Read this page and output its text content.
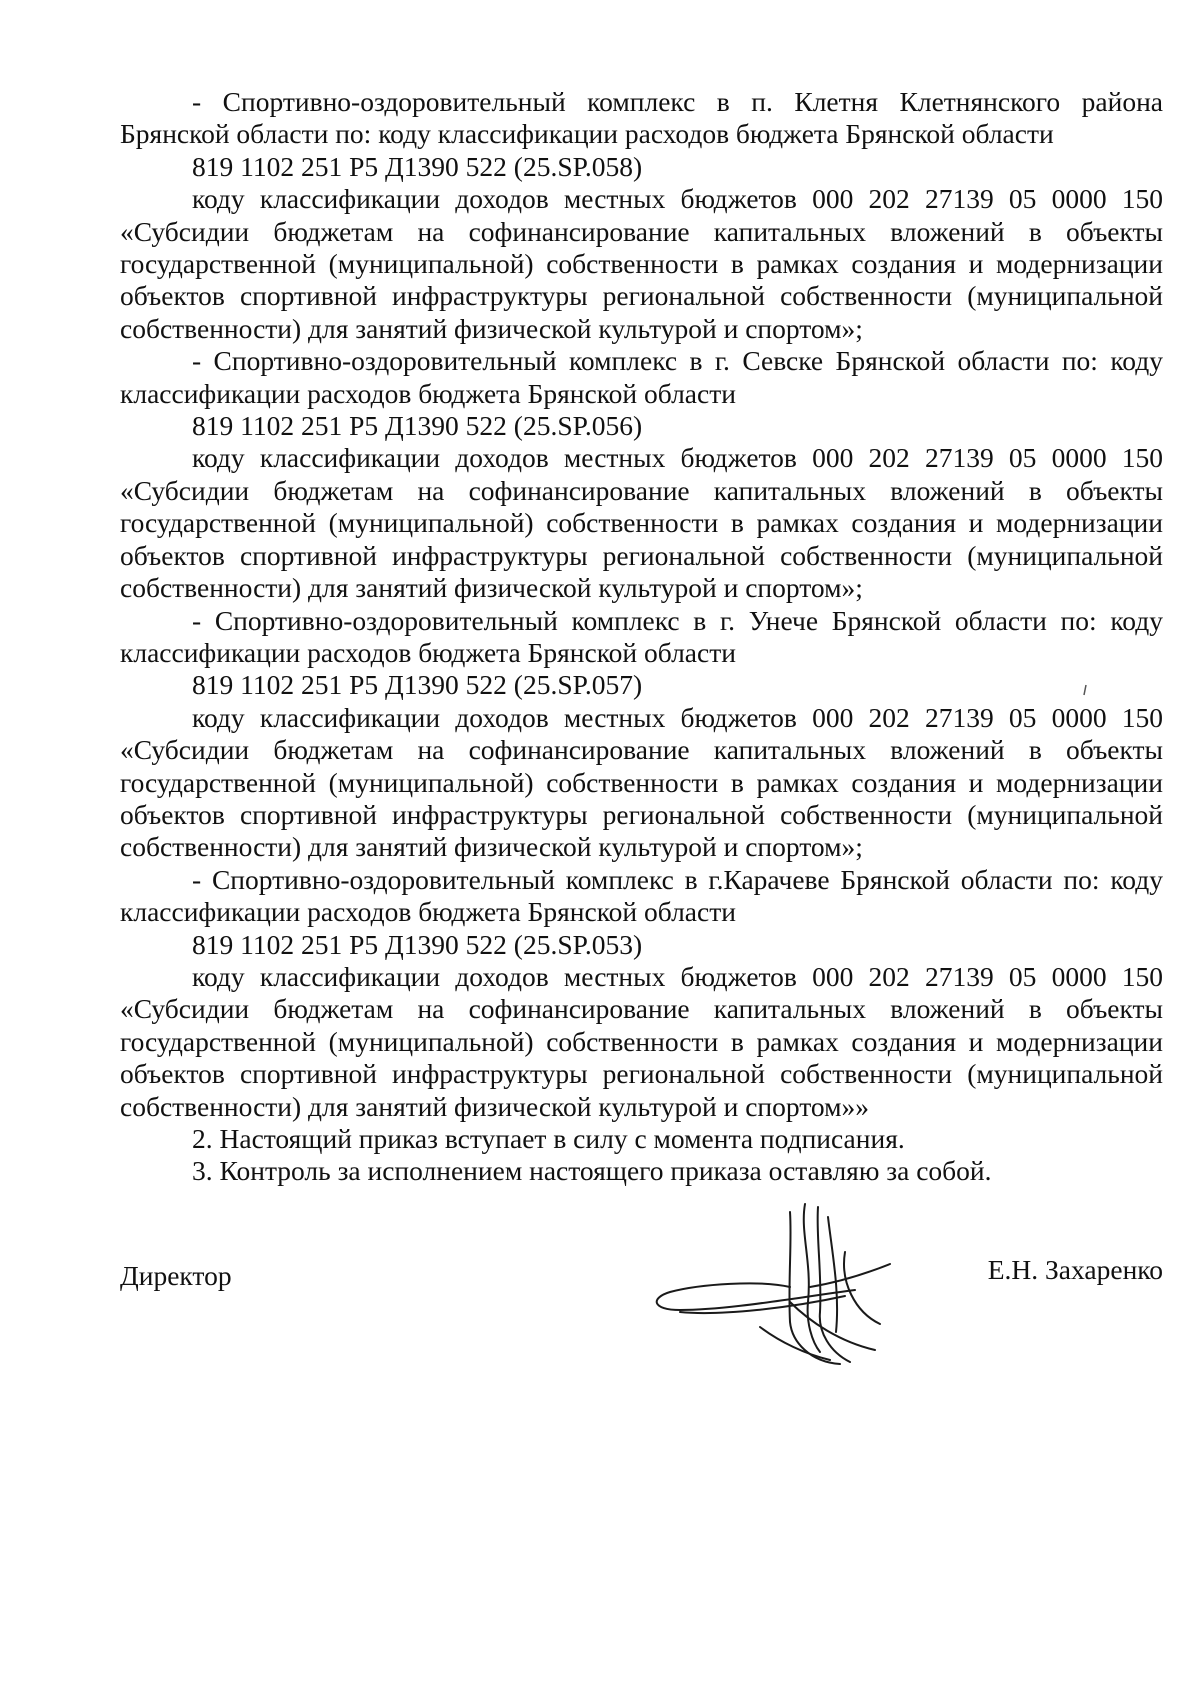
- Спортивно-оздоровительный комплекс в п. Клетня Клетнянского района Брянской области по: коду классификации расходов бюджета Брянской области

819 1102 251 P5 Д1390 522 (25.SP.058)

коду классификации доходов местных бюджетов 000 202 27139 05 0000 150 «Субсидии бюджетам на софинансирование капитальных вложений в объекты государственной (муниципальной) собственности в рамках создания и модернизации объектов спортивной инфраструктуры региональной собственности (муниципальной собственности) для занятий физической культурой и спортом»;

- Спортивно-оздоровительный комплекс в г. Севске Брянской области по: коду классификации расходов бюджета Брянской области

819 1102 251 P5 Д1390 522 (25.SP.056)

коду классификации доходов местных бюджетов 000 202 27139 05 0000 150 «Субсидии бюджетам на софинансирование капитальных вложений в объекты государственной (муниципальной) собственности в рамках создания и модернизации объектов спортивной инфраструктуры региональной собственности (муниципальной собственности) для занятий физической культурой и спортом»;

- Спортивно-оздоровительный комплекс в г. Унече Брянской области по: коду классификации расходов бюджета Брянской области

819 1102 251 P5 Д1390 522 (25.SP.057)

коду классификации доходов местных бюджетов 000 202 27139 05 0000 150 «Субсидии бюджетам на софинансирование капитальных вложений в объекты государственной (муниципальной) собственности в рамках создания и модернизации объектов спортивной инфраструктуры региональной собственности (муниципальной собственности) для занятий физической культурой и спортом»;

- Спортивно-оздоровительный комплекс в г.Карачеве Брянской области по: коду классификации расходов бюджета Брянской области

819 1102 251 P5 Д1390 522 (25.SP.053)

коду классификации доходов местных бюджетов 000 202 27139 05 0000 150 «Субсидии бюджетам на софинансирование капитальных вложений в объекты государственной (муниципальной) собственности в рамках создания и модернизации объектов спортивной инфраструктуры региональной собственности (муниципальной собственности) для занятий физической культурой и спортом»»

2. Настоящий приказ вступает в силу с момента подписания.

3. Контроль за исполнением настоящего приказа оставляю за собой.

Директор	Е.Н. Захаренко
